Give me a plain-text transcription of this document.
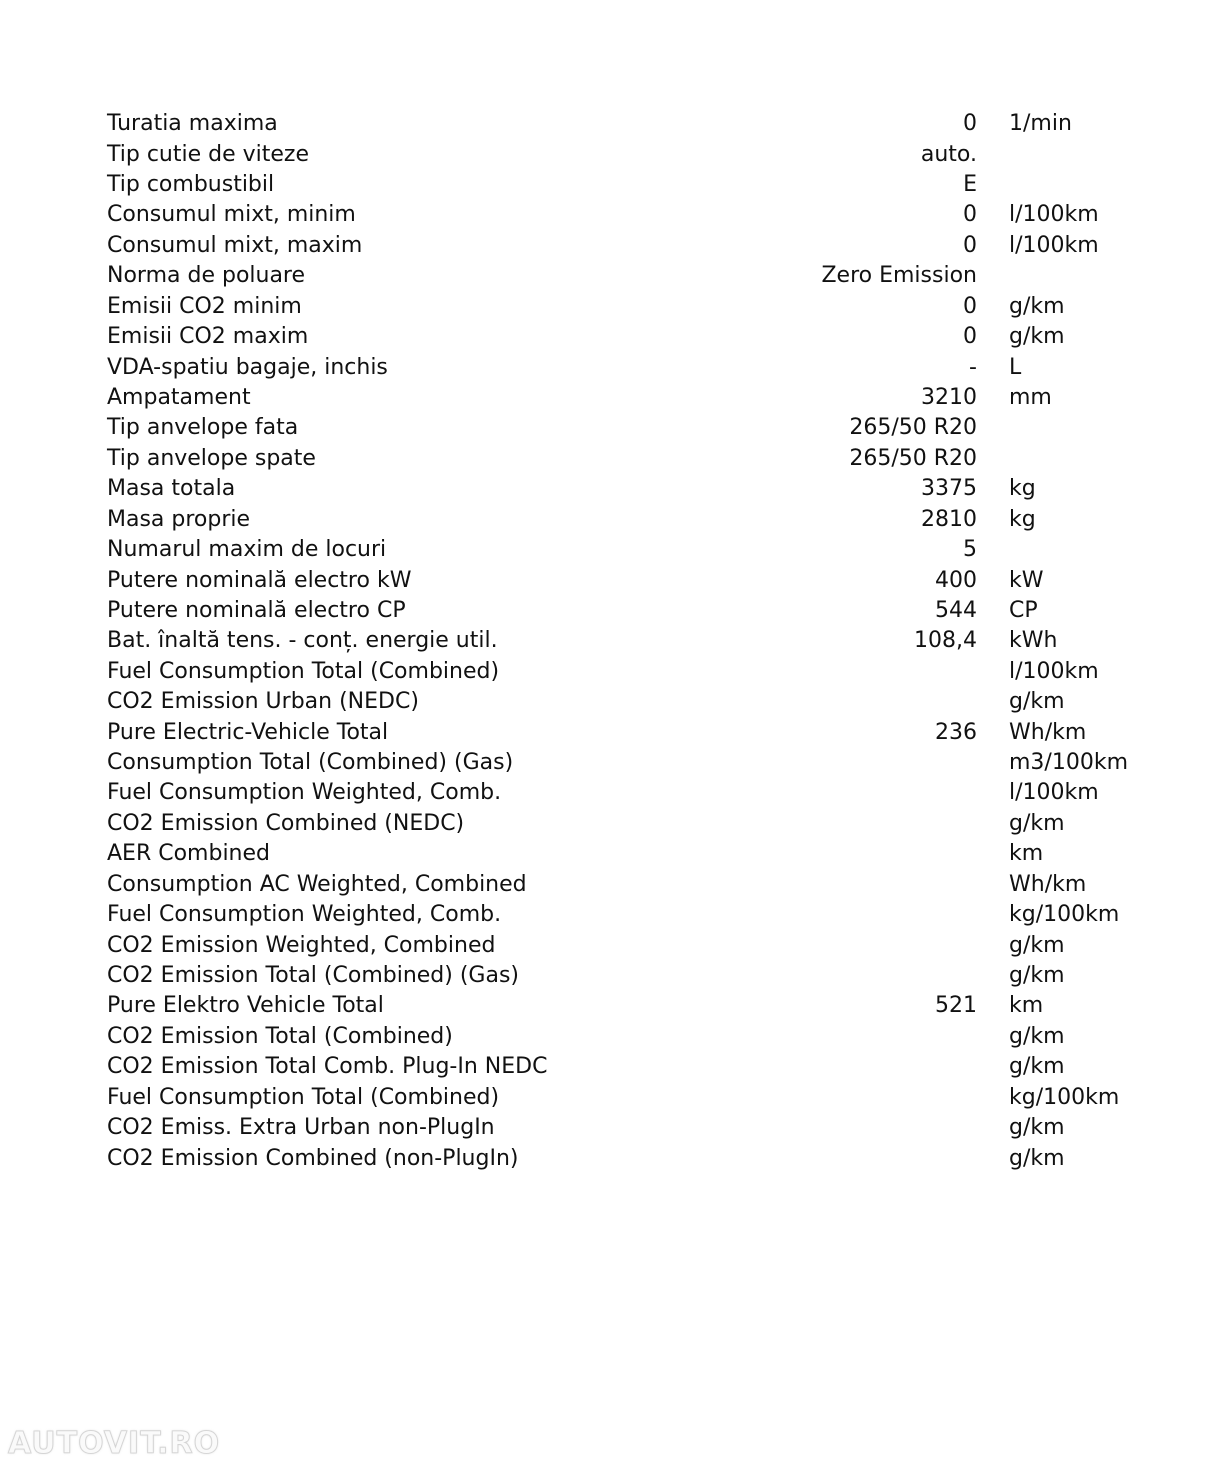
Turatia maxima	0		1/min
Tip cutie de viteze	auto.		
Tip combustibil	E		
Consumul mixt, minim	0		l/100km
Consumul mixt, maxim	0		l/100km
Norma de poluare	Zero Emission		
Emisii CO2 minim	0		g/km
Emisii CO2 maxim	0		g/km
VDA-spatiu bagaje, inchis	-		L
Ampatament	3210		mm
Tip anvelope fata	265/50 R20		
Tip anvelope spate	265/50 R20		
Masa totala	3375		kg
Masa proprie	2810		kg
Numarul maxim de locuri	5		
Putere nominală electro kW	400		kW
Putere nominală electro CP	544		CP
Bat. înaltă tens. - conț. energie util.	108,4		kWh
Fuel Consumption Total (Combined)			l/100km
CO2 Emission Urban (NEDC)			g/km
Pure Electric-Vehicle Total	236		Wh/km
Consumption Total (Combined) (Gas)			m3/100km
Fuel Consumption Weighted, Comb.			l/100km
CO2 Emission Combined (NEDC)			g/km
AER Combined			km
Consumption AC Weighted, Combined			Wh/km
Fuel Consumption Weighted, Comb.			kg/100km
CO2 Emission Weighted, Combined			g/km
CO2 Emission Total (Combined) (Gas)			g/km
Pure Elektro Vehicle Total	521		km
CO2 Emission Total (Combined)			g/km
CO2 Emission Total Comb. Plug-In NEDC			g/km
Fuel Consumption Total (Combined)			kg/100km
CO2 Emiss. Extra Urban non-PlugIn			g/km
CO2 Emission Combined (non-PlugIn)			g/km
AUTOVIT.RO
